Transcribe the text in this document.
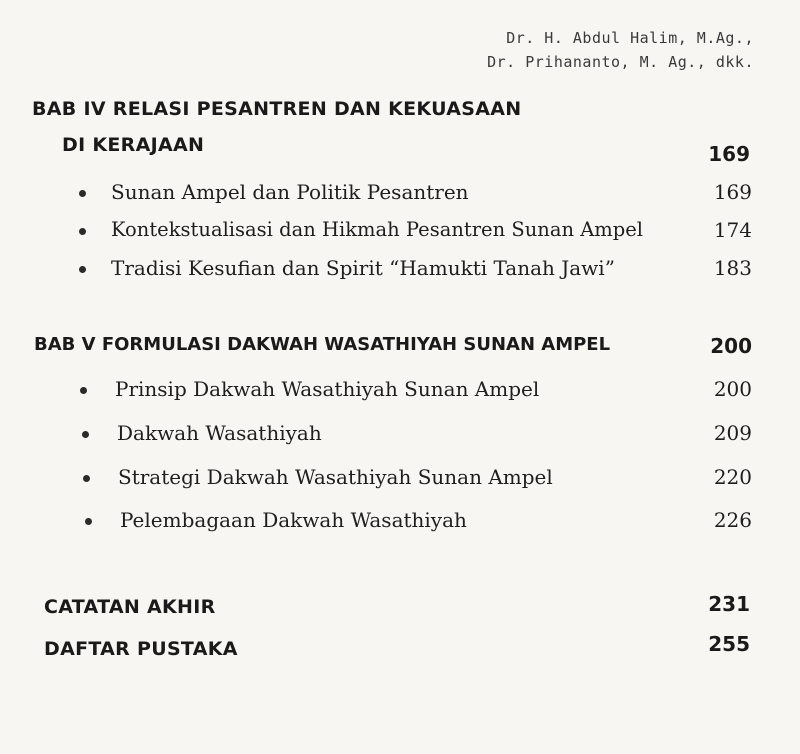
Dr. H. Abdul Halim, M.Ag.,
Dr. Prihananto, M. Ag., dkk.
BAB IV RELASI PESANTREN DAN KEKUASAAN
DI KERAJAAN	169
Sunan Ampel dan Politik Pesantren	169
Kontekstualisasi dan Hikmah Pesantren Sunan Ampel	174
Tradisi Kesufian dan Spirit “Hamukti Tanah Jawi”	183
BAB V FORMULASI DAKWAH WASATHIYAH SUNAN AMPEL	200
Prinsip Dakwah Wasathiyah Sunan Ampel	200
Dakwah Wasathiyah	209
Strategi Dakwah Wasathiyah Sunan Ampel	220
Pelembagaan Dakwah Wasathiyah	226
CATATAN AKHIR	231
DAFTAR PUSTAKA	255
